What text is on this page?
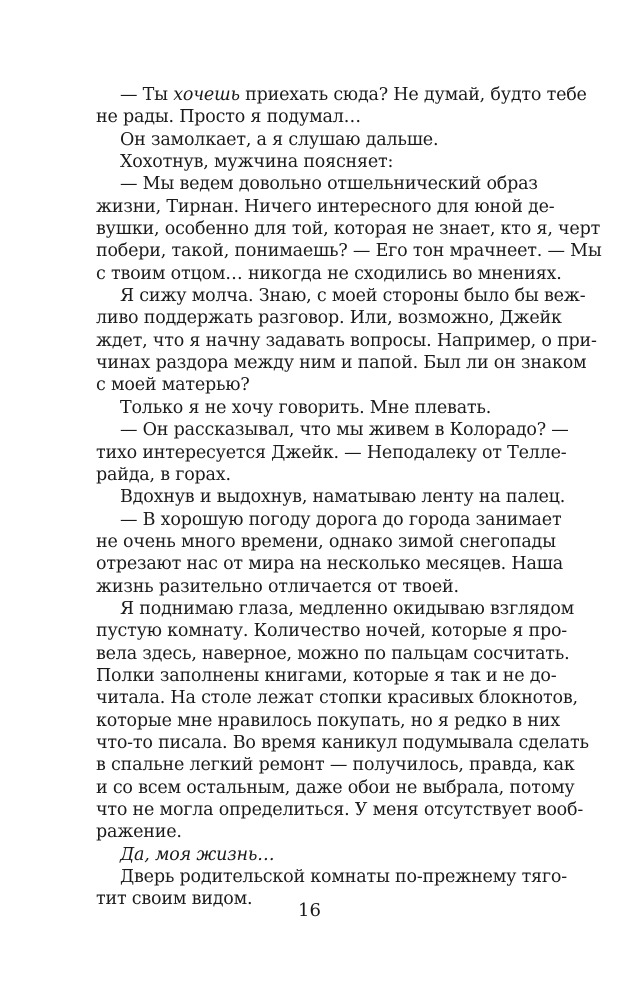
— Ты хочешь приехать сюда? Не думай, будто тебе
не рады. Просто я подумал…
Он замолкает, а я слушаю дальше.
Хохотнув, мужчина поясняет:
— Мы ведем довольно отшельнический образ
жизни, Тирнан. Ничего интересного для юной де-
вушки, особенно для той, которая не знает, кто я, черт
побери, такой, понимаешь? — Его тон мрачнеет. — Мы
с твоим отцом… никогда не сходились во мнениях.
Я сижу молча. Знаю, с моей стороны было бы веж-
ливо поддержать разговор. Или, возможно, Джейк
ждет, что я начну задавать вопросы. Например, о при-
чинах раздора между ним и папой. Был ли он знаком
с моей матерью?
Только я не хочу говорить. Мне плевать.
— Он рассказывал, что мы живем в Колорадо? —
тихо интересуется Джейк. — Неподалеку от Телле-
райда, в горах.
Вдохнув и выдохнув, наматываю ленту на палец.
— В хорошую погоду дорога до города занимает
не очень много времени, однако зимой снегопады
отрезают нас от мира на несколько месяцев. Наша
жизнь разительно отличается от твоей.
Я поднимаю глаза, медленно окидываю взглядом
пустую комнату. Количество ночей, которые я про-
вела здесь, наверное, можно по пальцам сосчитать.
Полки заполнены книгами, которые я так и не до-
читала. На столе лежат стопки красивых блокнотов,
которые мне нравилось покупать, но я редко в них
что-то писала. Во время каникул подумывала сделать
в спальне легкий ремонт — получилось, правда, как
и со всем остальным, даже обои не выбрала, потому
что не могла определиться. У меня отсутствует вооб-
ражение.
Да, моя жизнь…
Дверь родительской комнаты по-прежнему тяго-
тит своим видом.
16
